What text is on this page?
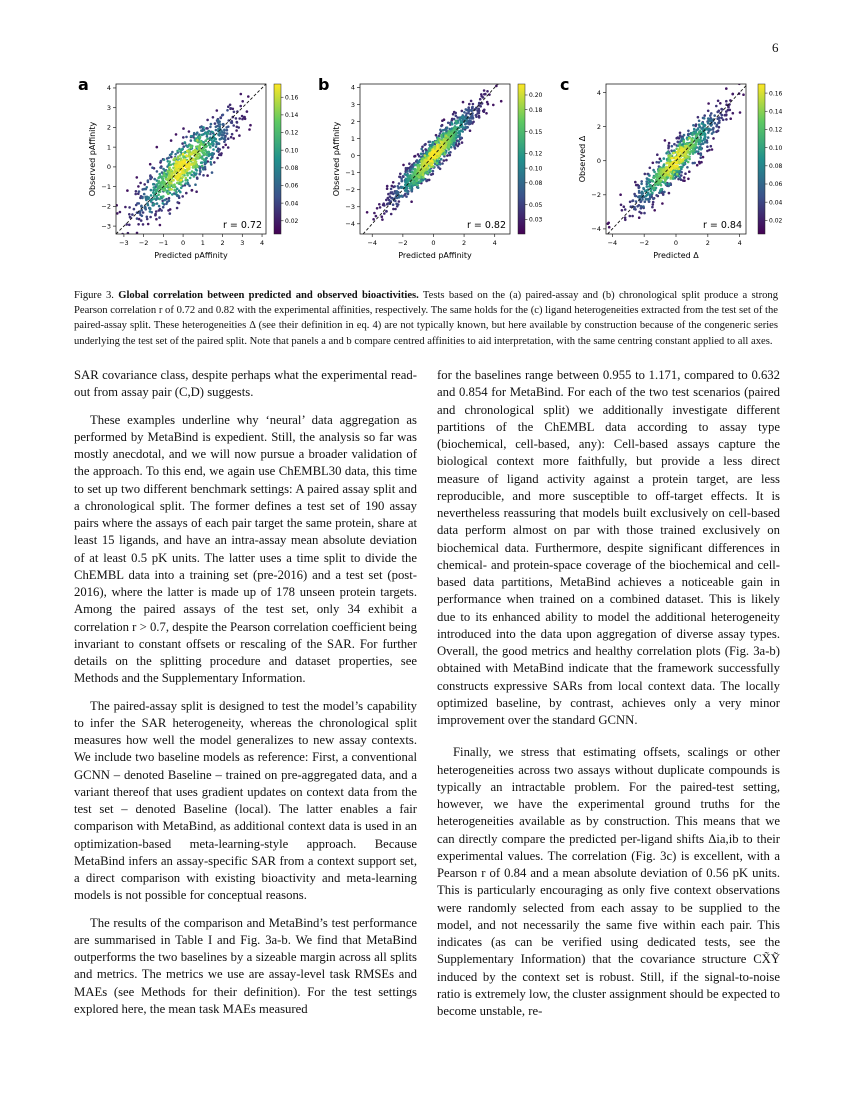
6
a
−3 −2 −1 0 1 2 3 4
−3
−2
−1
0
1
2
3
4
Predicted pAffinity
Observed pAffinity
r = 0.72	0.02
0.04
0.06
0.08
0.10
0.12
0.14
0.16
b
−4	−2	0	2	4
−4
−3
−2
−1
0
1
2
3
4
Predicted pAffinity
Observed pAffinity
r = 0.82	0.03
0.05
0.08
0.10
0.12
0.15
0.18
0.20
c
−4	−2	0	2	4
−4
−2
0
2
4
Predicted Δ
Observed Δ
r = 0.84	0.02
0.04
0.06
0.08
0.10
0.12
0.14
0.16
Figure 3. Global correlation between predicted and observed bioactivities. Tests based on the (a) paired-assay and (b) chronological split produce a strong Pearson correlation r of 0.72 and 0.82 with the experimental affinities, respectively. The same holds for the (c) ligand heterogeneities extracted from the test set of the paired-assay split. These heterogeneities Δ (see their definition in eq. 4) are not typically known, but here available by construction because of the congeneric series underlying the test set of the paired split. Note that panels a and b compare centred affinities to aid interpretation, with the same centring constant applied to all axes.

SAR covariance class, despite perhaps what the experimental read-out from assay pair (C,D) suggests.

These examples underline why ‘neural’ data aggregation as performed by MetaBind is expedient. Still, the analysis so far was mostly anecdotal, and we will now pursue a broader validation of the approach. To this end, we again use ChEMBL30 data, this time to set up two different benchmark settings: A paired assay split and a chronological split. The former defines a test set of 190 assay pairs where the assays of each pair target the same protein, share at least 15 ligands, and have an intra-assay mean absolute deviation of at least 0.5 pK units. The latter uses a time split to divide the ChEMBL data into a training set (pre-2016) and a test set (post-2016), where the latter is made up of 178 unseen protein targets. Among the paired assays of the test set, only 34 exhibit a correlation r > 0.7, despite the Pearson correlation coefficient being invariant to constant offsets or rescaling of the SAR. For further details on the splitting procedure and dataset properties, see Methods and the Supplementary Information.

The paired-assay split is designed to test the model’s capability to infer the SAR heterogeneity, whereas the chronological split measures how well the model generalizes to new assay contexts. We include two baseline models as reference: First, a conventional GCNN – denoted Baseline – trained on pre-aggregated data, and a variant thereof that uses gradient updates on context data from the test set – denoted Baseline (local). The latter enables a fair comparison with MetaBind, as additional context data is used in an optimization-based meta-learning-style approach. Because MetaBind infers an assay-specific SAR from a context support set, a direct comparison with existing bioactivity and meta-learning models is not possible for conceptual reasons.

The results of the comparison and MetaBind’s test performance are summarised in Table I and Fig. 3a-b. We find that MetaBind outperforms the two baselines by a sizeable margin across all splits and metrics. The metrics we use are assay-level task RMSEs and MAEs (see Methods for their definition). For the test settings explored here, the mean task MAEs measured

for the baselines range between 0.955 to 1.171, compared to 0.632 and 0.854 for MetaBind. For each of the two test scenarios (paired and chronological split) we additionally investigate different partitions of the ChEMBL data according to assay type (biochemical, cell-based, any): Cell-based assays capture the biological context more faithfully, but provide a less direct measure of ligand activity against a protein target, are less reproducible, and more susceptible to off-target effects. It is nevertheless reassuring that models built exclusively on cell-based data perform almost on par with those trained exclusively on biochemical data. Furthermore, despite significant differences in chemical- and protein-space coverage of the biochemical and cell-based data partitions, MetaBind achieves a noticeable gain in performance when trained on a combined dataset. This is likely due to its enhanced ability to model the additional heterogeneity introduced into the data upon aggregation of diverse assay types. Overall, the good metrics and healthy correlation plots (Fig. 3a-b) obtained with MetaBind indicate that the framework successfully constructs expressive SARs from local context data. The locally optimized baseline, by contrast, achieves only a very minor improvement over the standard GCNN.

Finally, we stress that estimating offsets, scalings or other heterogeneities across two assays without duplicate compounds is typically an intractable problem. For the paired-test setting, however, we have the experimental ground truths for the heterogeneities available as by construction. This means that we can directly compare the predicted per-ligand shifts Δia,ib to their experimental values. The correlation (Fig. 3c) is excellent, with a Pearson r of 0.84 and a mean absolute deviation of 0.56 pK units. This is particularly encouraging as only five context observations were randomly selected from each assay to be supplied to the model, and not necessarily the same five within each pair. This indicates (as can be verified using dedicated tests, see the Supplementary Information) that the covariance structure CX̃Ỹ induced by the context set is robust. Still, if the signal-to-noise ratio is extremely low, the cluster assignment should be expected to become unstable, re-
